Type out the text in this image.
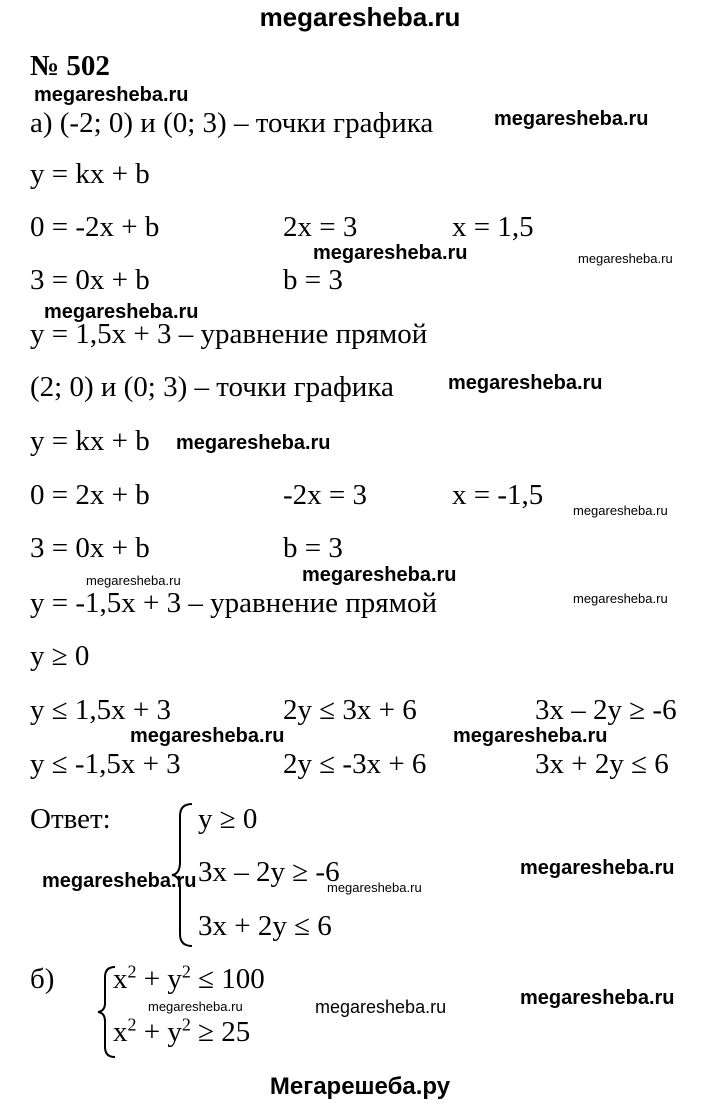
megaresheba.ru
№ 502
а) (-2; 0) и (0; 3) – точки графика
y = kx + b
0 = -2x + b	2x = 3	x = 1,5
3 = 0x + b	b = 3
y = 1,5x + 3 – уравнение прямой
(2; 0) и (0; 3) – точки графика
y = kx + b
0 = 2x + b	-2x = 3	x = -1,5
3 = 0x + b	b = 3
y = -1,5x + 3 – уравнение прямой
y ≥ 0
y ≤ 1,5x + 3	2y ≤ 3x + 6	3x – 2y ≥ -6
y ≤ -1,5x + 3	2y ≤ -3x + 6	3x + 2y ≤ 6
Ответ:	y ≥ 0
3x – 2y ≥ -6
3x + 2y ≤ 6
б) $x^2 + y^2 \le 100$
$x^2 + y^2 \ge 25$
megaresheba.ru
megaresheba.ru
megaresheba.ru	megaresheba.ru
megaresheba.ru
megaresheba.ru
megaresheba.ru
megaresheba.ru
megaresheba.ru
megaresheba.ru
megaresheba.ru
megaresheba.ru	megaresheba.ru
megaresheba.ru
megaresheba.ru
megaresheba.ru
megaresheba.ru
megaresheba.ru	megaresheba.ru
Мегарешеба.ру
